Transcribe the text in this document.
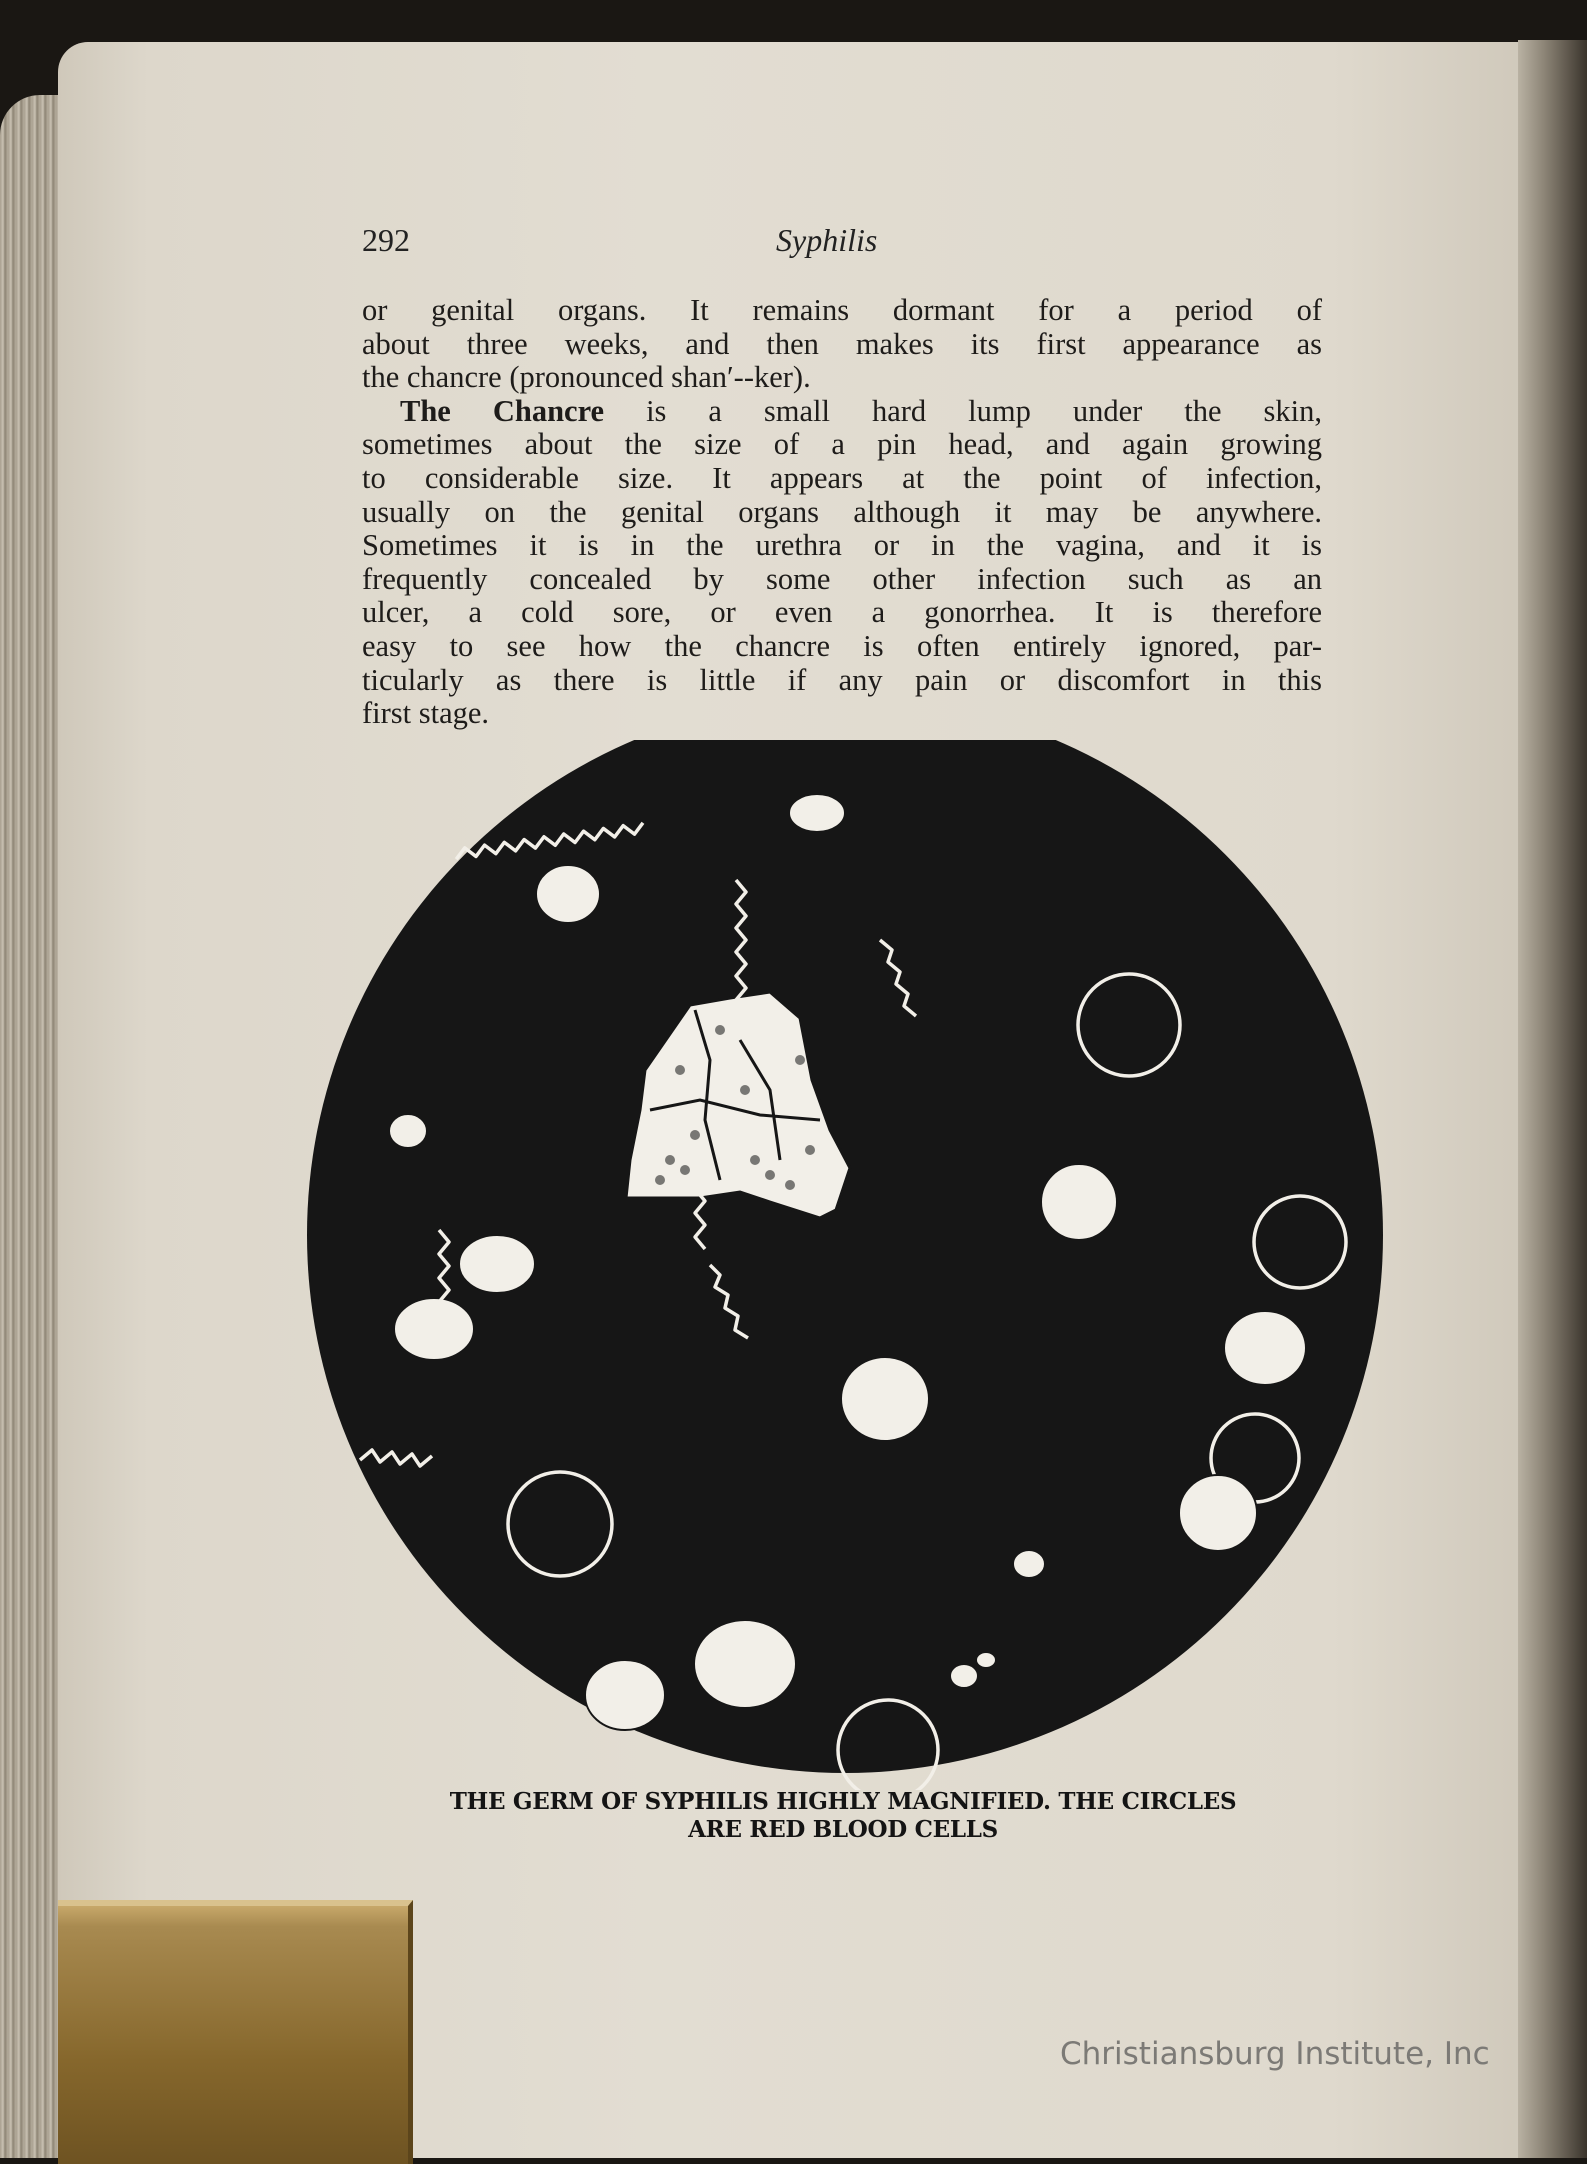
292	Syphilis

or genital organs. It remains dormant for a period of

about three weeks, and then makes its first appearance as

the chancre (pronounced shan′--ker).

The Chancre is a small hard lump under the skin,

sometimes about the size of a pin head, and again growing

to considerable size. It appears at the point of infection,

usually on the genital organs although it may be anywhere.

Sometimes it is in the urethra or in the vagina, and it is

frequently concealed by some other infection such as an

ulcer, a cold sore, or even a gonorrhea. It is therefore

easy to see how the chancre is often entirely ignored, par-

ticularly as there is little if any pain or discomfort in this

first stage.

THE GERM OF SYPHILIS HIGHLY MAGNIFIED. THE CIRCLES
ARE RED BLOOD CELLS
Christiansburg Institute, Inc
